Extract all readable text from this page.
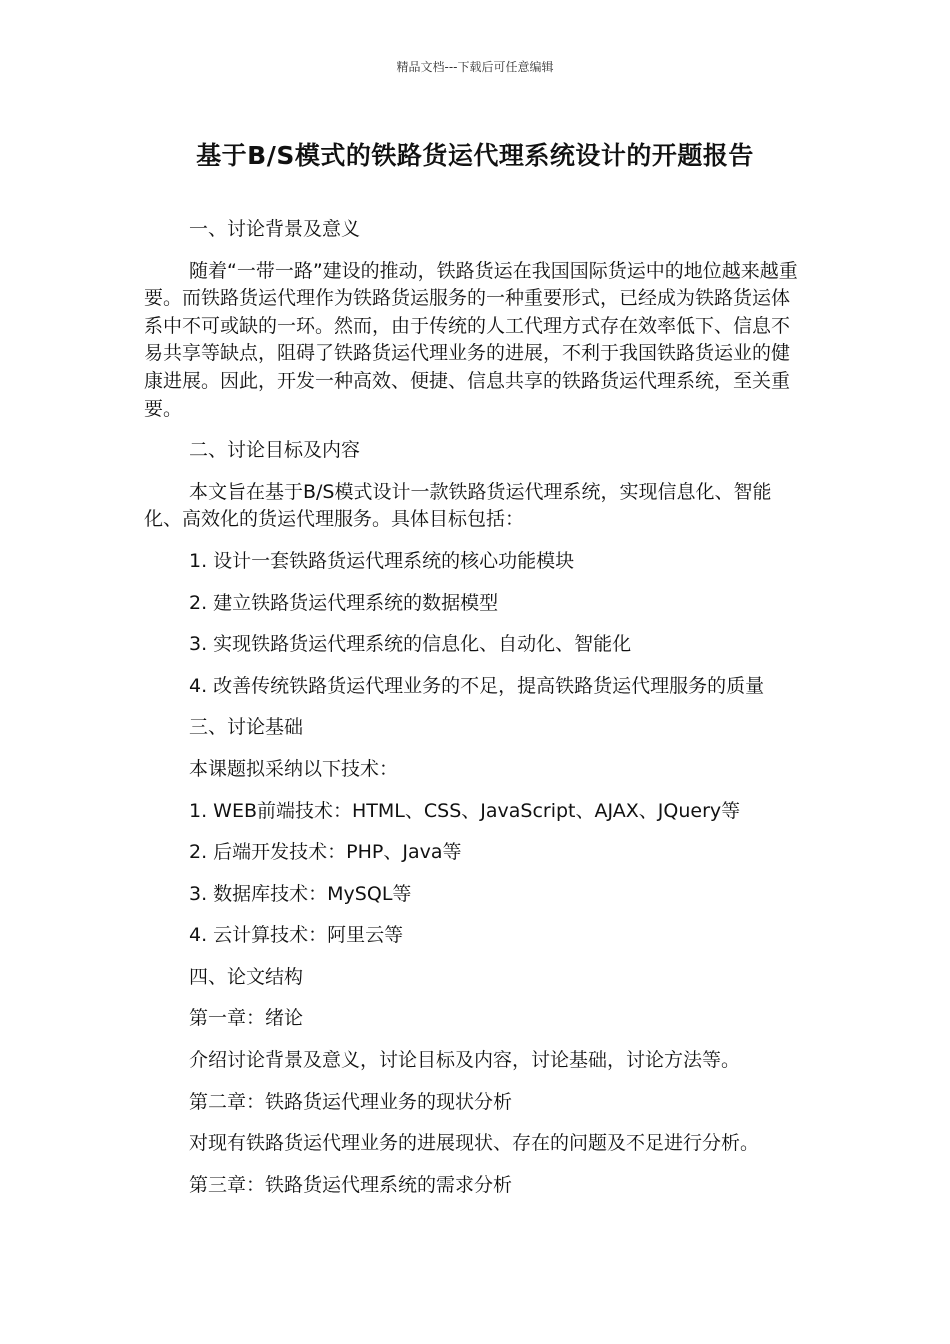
精品文档---下载后可任意编辑
基于B/S模式的铁路货运代理系统设计的开题报告

一、讨论背景及意义

随着“一带一路”建设的推动，铁路货运在我国国际货运中的地位越来越重要。而铁路货运代理作为铁路货运服务的一种重要形式，已经成为铁路货运体系中不可或缺的一环。然而，由于传统的人工代理方式存在效率低下、信息不易共享等缺点，阻碍了铁路货运代理业务的进展，不利于我国铁路货运业的健康进展。因此，开发一种高效、便捷、信息共享的铁路货运代理系统，至关重要。

二、讨论目标及内容

本文旨在基于B/S模式设计一款铁路货运代理系统，实现信息化、智能化、高效化的货运代理服务。具体目标包括：

1. 设计一套铁路货运代理系统的核心功能模块

2. 建立铁路货运代理系统的数据模型

3. 实现铁路货运代理系统的信息化、自动化、智能化

4. 改善传统铁路货运代理业务的不足，提高铁路货运代理服务的质量

三、讨论基础

本课题拟采纳以下技术：

1. WEB前端技术：HTML、CSS、JavaScript、AJAX、JQuery等

2. 后端开发技术：PHP、Java等

3. 数据库技术：MySQL等

4. 云计算技术：阿里云等

四、论文结构

第一章：绪论

介绍讨论背景及意义，讨论目标及内容，讨论基础，讨论方法等。

第二章：铁路货运代理业务的现状分析

对现有铁路货运代理业务的进展现状、存在的问题及不足进行分析。

第三章：铁路货运代理系统的需求分析
